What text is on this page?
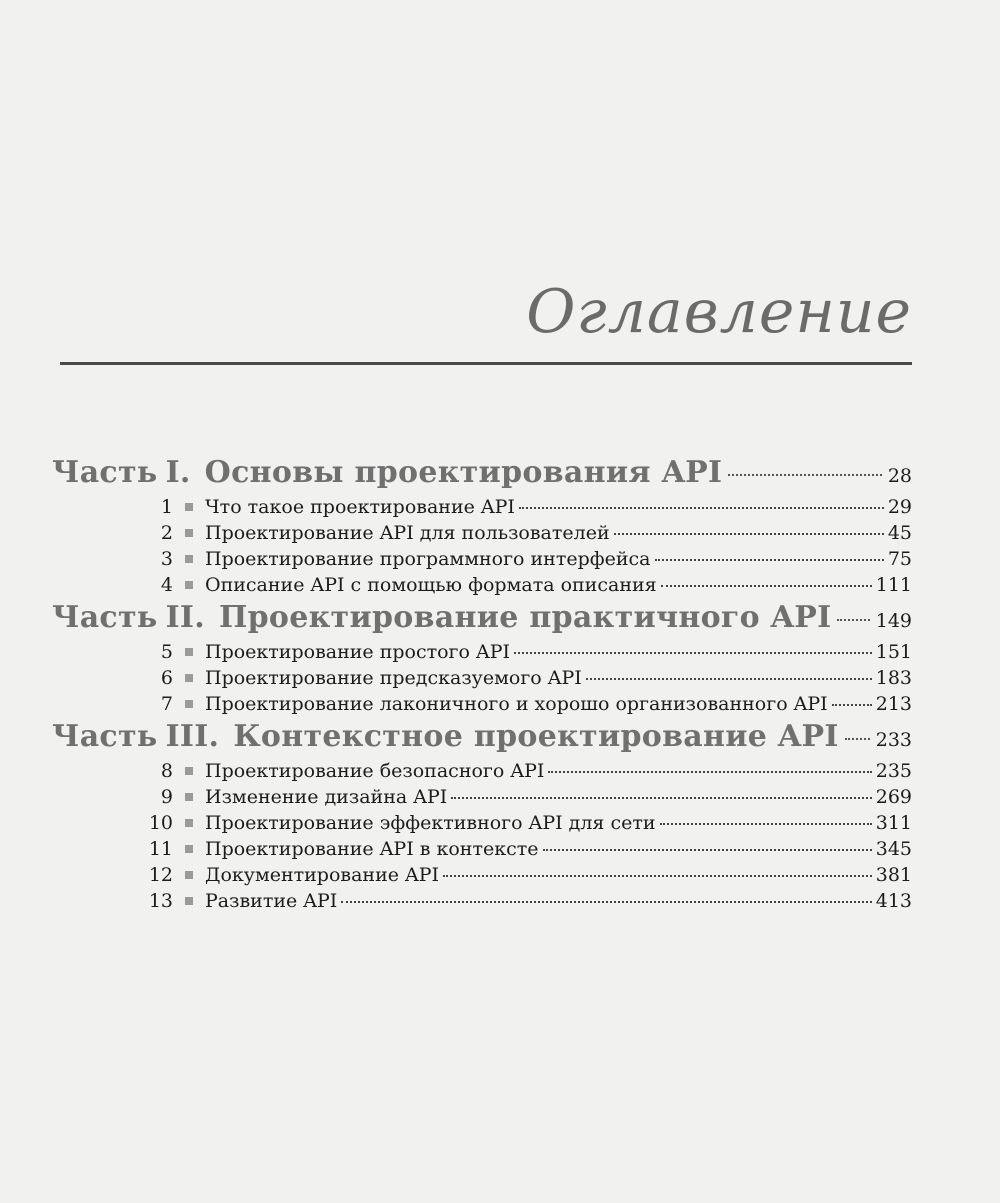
Оглавление
Часть I. Основы проектирования API	28
1 Что такое проектирование API	29
2 Проектирование API для пользователей	45
3 Проектирование программного интерфейса	75
4 Описание API с помощью формата описания	111
Часть II. Проектирование практичного API 149
5 Проектирование простого API	151
6 Проектирование предсказуемого API	183
7 Проектирование лаконичного и хорошо организованного API	213
Часть III. Контекстное проектирование API 233
8 Проектирование безопасного API	235
9 Изменение дизайна API	269
10 Проектирование эффективного API для сети	311
11 Проектирование API в контексте	345
12 Документирование API	381
13 Развитие API	413
